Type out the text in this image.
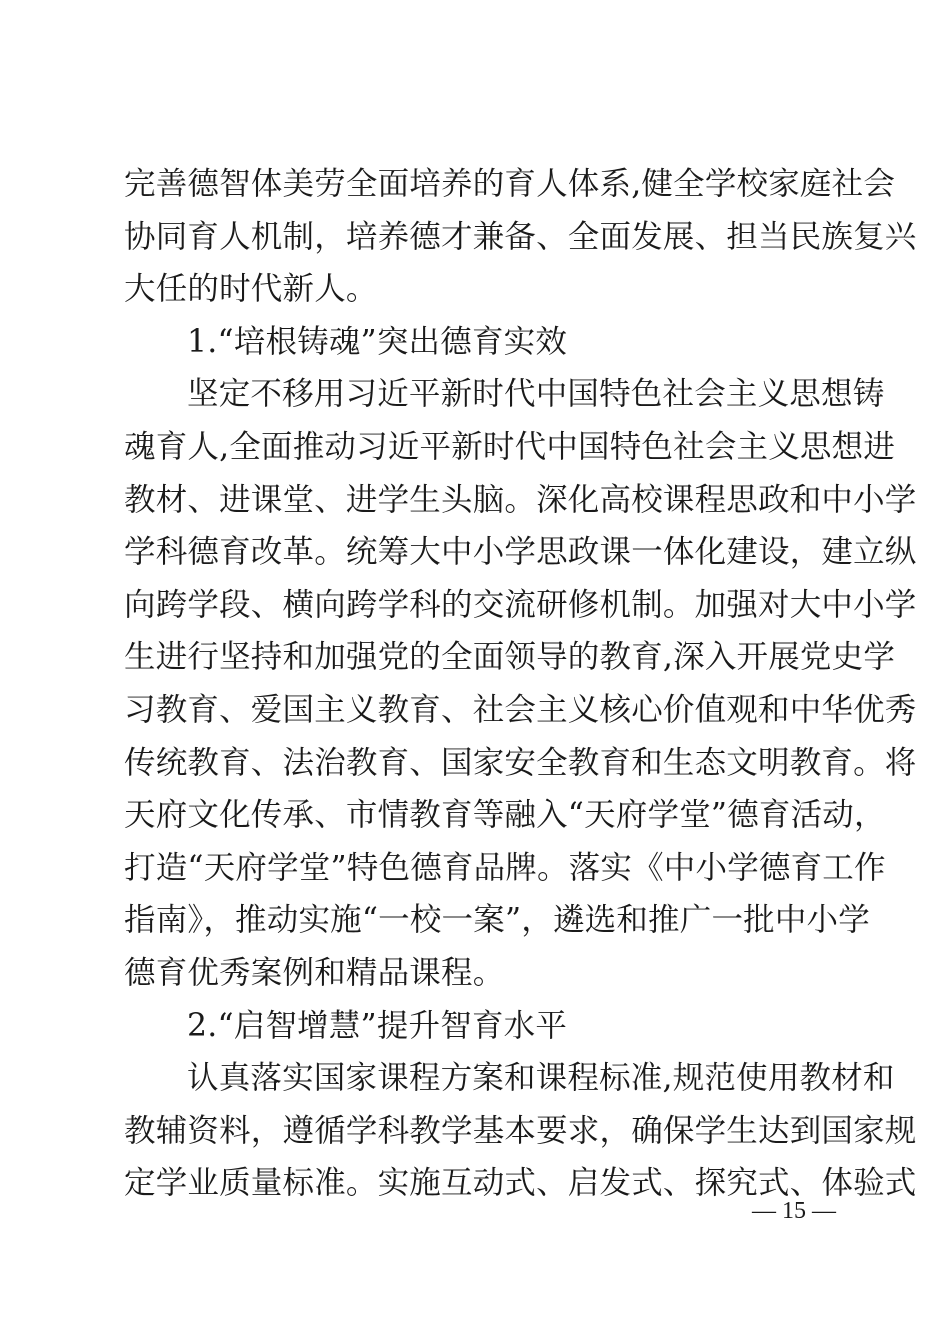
完善德智体美劳全面培养的育人体系,健全学校家庭社会
协同育人机制，培养德才兼备、全面发展、担当民族复兴
大任的时代新人。
1.“培根铸魂”突出德育实效
坚定不移用习近平新时代中国特色社会主义思想铸
魂育人,全面推动习近平新时代中国特色社会主义思想进
教材、进课堂、进学生头脑。深化高校课程思政和中小学
学科德育改革。统筹大中小学思政课一体化建设，建立纵
向跨学段、横向跨学科的交流研修机制。加强对大中小学
生进行坚持和加强党的全面领导的教育,深入开展党史学
习教育、爱国主义教育、社会主义核心价值观和中华优秀
传统教育、法治教育、国家安全教育和生态文明教育。将
天府文化传承、市情教育等融入“天府学堂”德育活动，
打造“天府学堂”特色德育品牌。落实《中小学德育工作
指南》，推动实施“一校一案”，遴选和推广一批中小学
德育优秀案例和精品课程。
2.“启智增慧”提升智育水平
认真落实国家课程方案和课程标准,规范使用教材和
教辅资料，遵循学科教学基本要求，确保学生达到国家规
定学业质量标准。实施互动式、启发式、探究式、体验式
— 15 —
